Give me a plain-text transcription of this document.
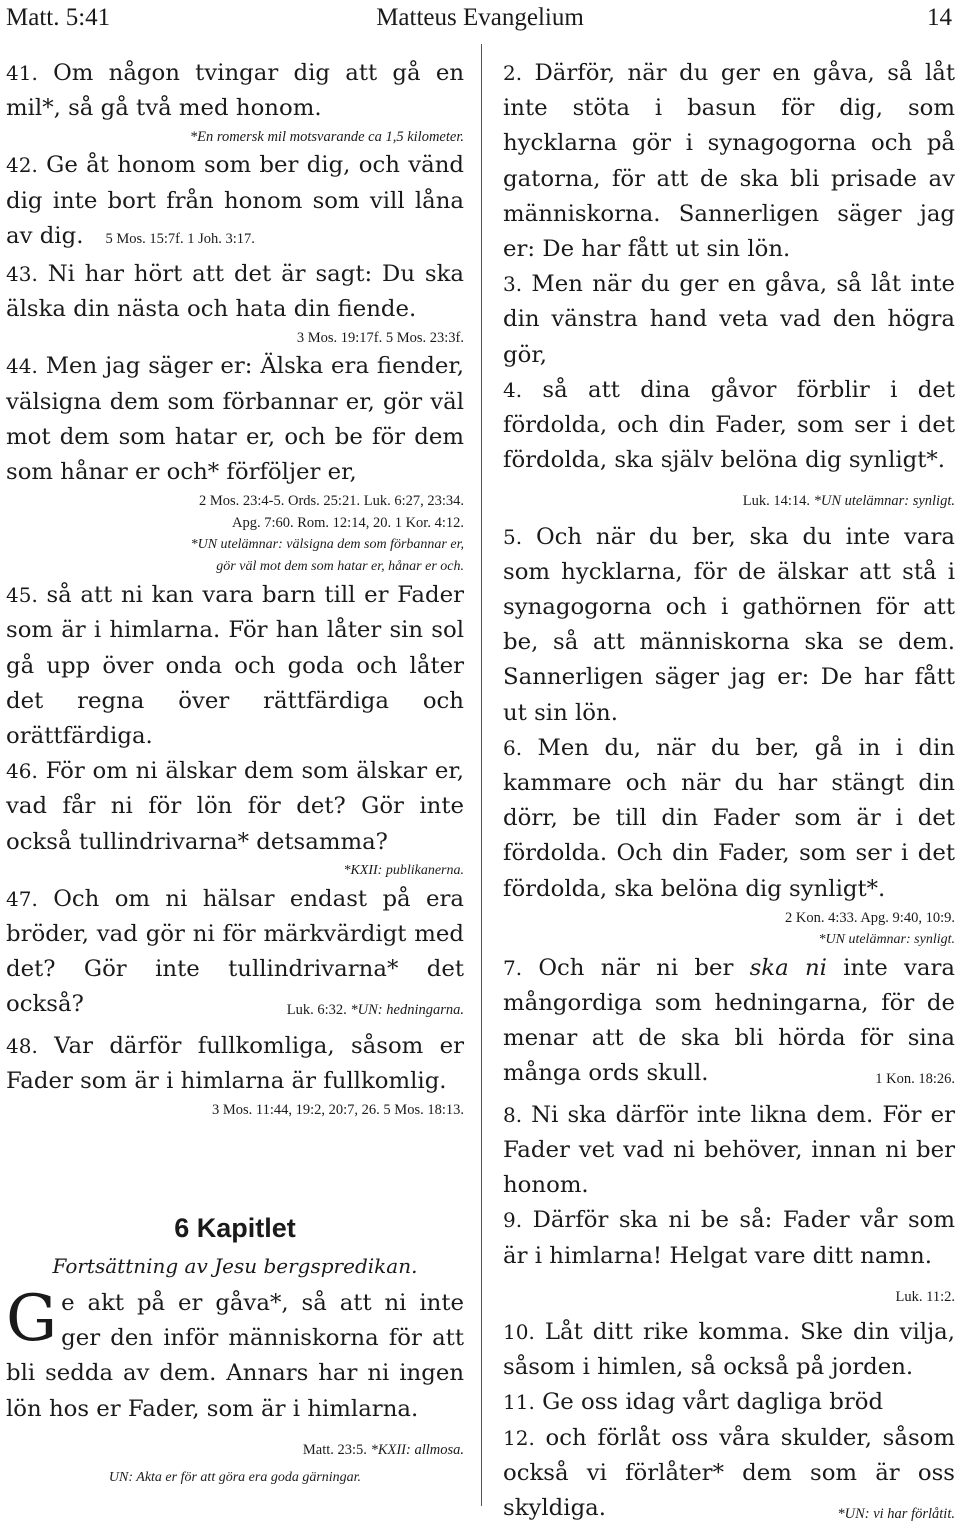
Matteus Evangelium
Matt. 5:41	14

41. Om någon tvingar dig att gå en mil*, så gå två med honom.

*En romersk mil motsvarande ca 1,5 kilometer.

42. Ge åt honom som ber dig, och vänd dig inte bort från honom som vill låna av dig. 5 Mos. 15:7f. 1 Joh. 3:17.

43. Ni har hört att det är sagt: Du ska älska din nästa och hata din fiende.

3 Mos. 19:17f. 5 Mos. 23:3f.

44. Men jag säger er: Älska era fiender, välsigna dem som förbannar er, gör väl mot dem som hatar er, och be för dem som hånar er och* förföljer er,

2 Mos. 23:4-5. Ords. 25:21. Luk. 6:27, 23:34.

Apg. 7:60. Rom. 12:14, 20. 1 Kor. 4:12.

*UN utelämnar: välsigna dem som förbannar er,

gör väl mot dem som hatar er, hånar er och.

45. så att ni kan vara barn till er Fader som är i himlarna. För han låter sin sol gå upp över onda och goda och låter det regna över rättfärdiga och orättfärdiga.

46. För om ni älskar dem som älskar er, vad får ni för lön för det? Gör inte också tullindrivarna* detsamma?

*KXII: publikanerna.

47. Och om ni hälsar endast på era bröder, vad gör ni för märkvärdigt med det? Gör inte tullindrivarna* det också?	Luk. 6:32. *UN: hedningarna.

48. Var därför fullkomliga, såsom er Fader som är i himlarna är fullkomlig.

3 Mos. 11:44, 19:2, 20:7, 26. 5 Mos. 18:13.

6 Kapitlet
Fortsättning av Jesu bergspredikan.

Ge akt på er gåva*, så att ni inte ger den inför människorna för att bli sedda av dem. Annars har ni ingen lön hos er Fader, som är i himlarna.
Matt. 23:5. *KXII: allmosa.

UN: Akta er för att göra era goda gärningar.

2. Därför, när du ger en gåva, så låt inte stöta i basun för dig, som hycklarna gör i synagogorna och på gatorna, för att de ska bli prisade av människorna. Sannerligen säger jag er: De har fått ut sin lön.

3. Men när du ger en gåva, så låt inte din vänstra hand veta vad den högra gör,

4. så att dina gåvor förblir i det fördolda, och din Fader, som ser i det fördolda, ska själv belöna dig synligt*.
Luk. 14:14. *UN utelämnar: synligt.

5. Och när du ber, ska du inte vara som hycklarna, för de älskar att stå i synagogorna och i gathörnen för att be, så att människorna ska se dem. Sannerligen säger jag er: De har fått ut sin lön.

6. Men du, när du ber, gå in i din kammare och när du har stängt din dörr, be till din Fader som är i det fördolda. Och din Fader, som ser i det fördolda, ska belöna dig synligt*.

2 Kon. 4:33. Apg. 9:40, 10:9.

*UN utelämnar: synligt.

7. Och när ni ber ska ni inte vara mångordiga som hedningarna, för de menar att de ska bli hörda för sina många ords skull.	1 Kon. 18:26.

8. Ni ska därför inte likna dem. För er Fader vet vad ni behöver, innan ni ber honom.

9. Därför ska ni be så: Fader vår som är i himlarna! Helgat vare ditt namn.
Luk. 11:2.

10. Låt ditt rike komma. Ske din vilja, såsom i himlen, så också på jorden.

11. Ge oss idag vårt dagliga bröd

12. och förlåt oss våra skulder, såsom också vi förlåter* dem som är oss skyldiga.	*UN: vi har förlåtit.
